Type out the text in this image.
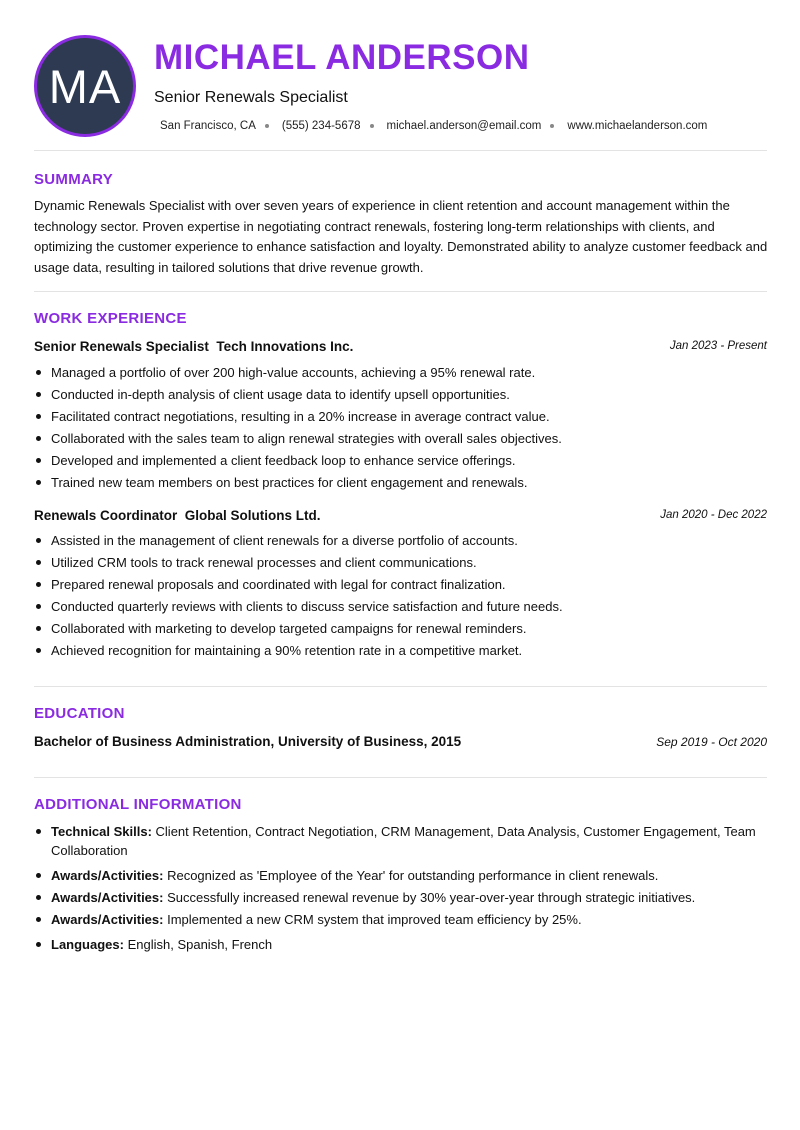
MA
MICHAEL ANDERSON
Senior Renewals Specialist
San Francisco, CA (555) 234-5678 michael.anderson@email.com www.michaelanderson.com
SUMMARY

Dynamic Renewals Specialist with over seven years of experience in client retention and account management within the technology sector. Proven expertise in negotiating contract renewals, fostering long-term relationships with clients, and optimizing the customer experience to enhance satisfaction and loyalty. Demonstrated ability to analyze customer feedback and usage data, resulting in tailored solutions that drive revenue growth.

WORK EXPERIENCE
Senior Renewals Specialist  Tech Innovations Inc.	Jan 2023 - Present
Managed a portfolio of over 200 high-value accounts, achieving a 95% renewal rate.
Conducted in-depth analysis of client usage data to identify upsell opportunities.
Facilitated contract negotiations, resulting in a 20% increase in average contract value.
Collaborated with the sales team to align renewal strategies with overall sales objectives.
Developed and implemented a client feedback loop to enhance service offerings.
Trained new team members on best practices for client engagement and renewals.
Renewals Coordinator  Global Solutions Ltd.	Jan 2020 - Dec 2022
Assisted in the management of client renewals for a diverse portfolio of accounts.
Utilized CRM tools to track renewal processes and client communications.
Prepared renewal proposals and coordinated with legal for contract finalization.
Conducted quarterly reviews with clients to discuss service satisfaction and future needs.
Collaborated with marketing to develop targeted campaigns for renewal reminders.
Achieved recognition for maintaining a 90% retention rate in a competitive market.
EDUCATION
Bachelor of Business Administration, University of Business, 2015	Sep 2019 - Oct 2020
ADDITIONAL INFORMATION
Technical Skills: Client Retention, Contract Negotiation, CRM Management, Data Analysis, Customer Engagement, Team Collaboration
Awards/Activities: Recognized as 'Employee of the Year' for outstanding performance in client renewals.
Awards/Activities: Successfully increased renewal revenue by 30% year-over-year through strategic initiatives.
Awards/Activities: Implemented a new CRM system that improved team efficiency by 25%.
Languages: English, Spanish, French
